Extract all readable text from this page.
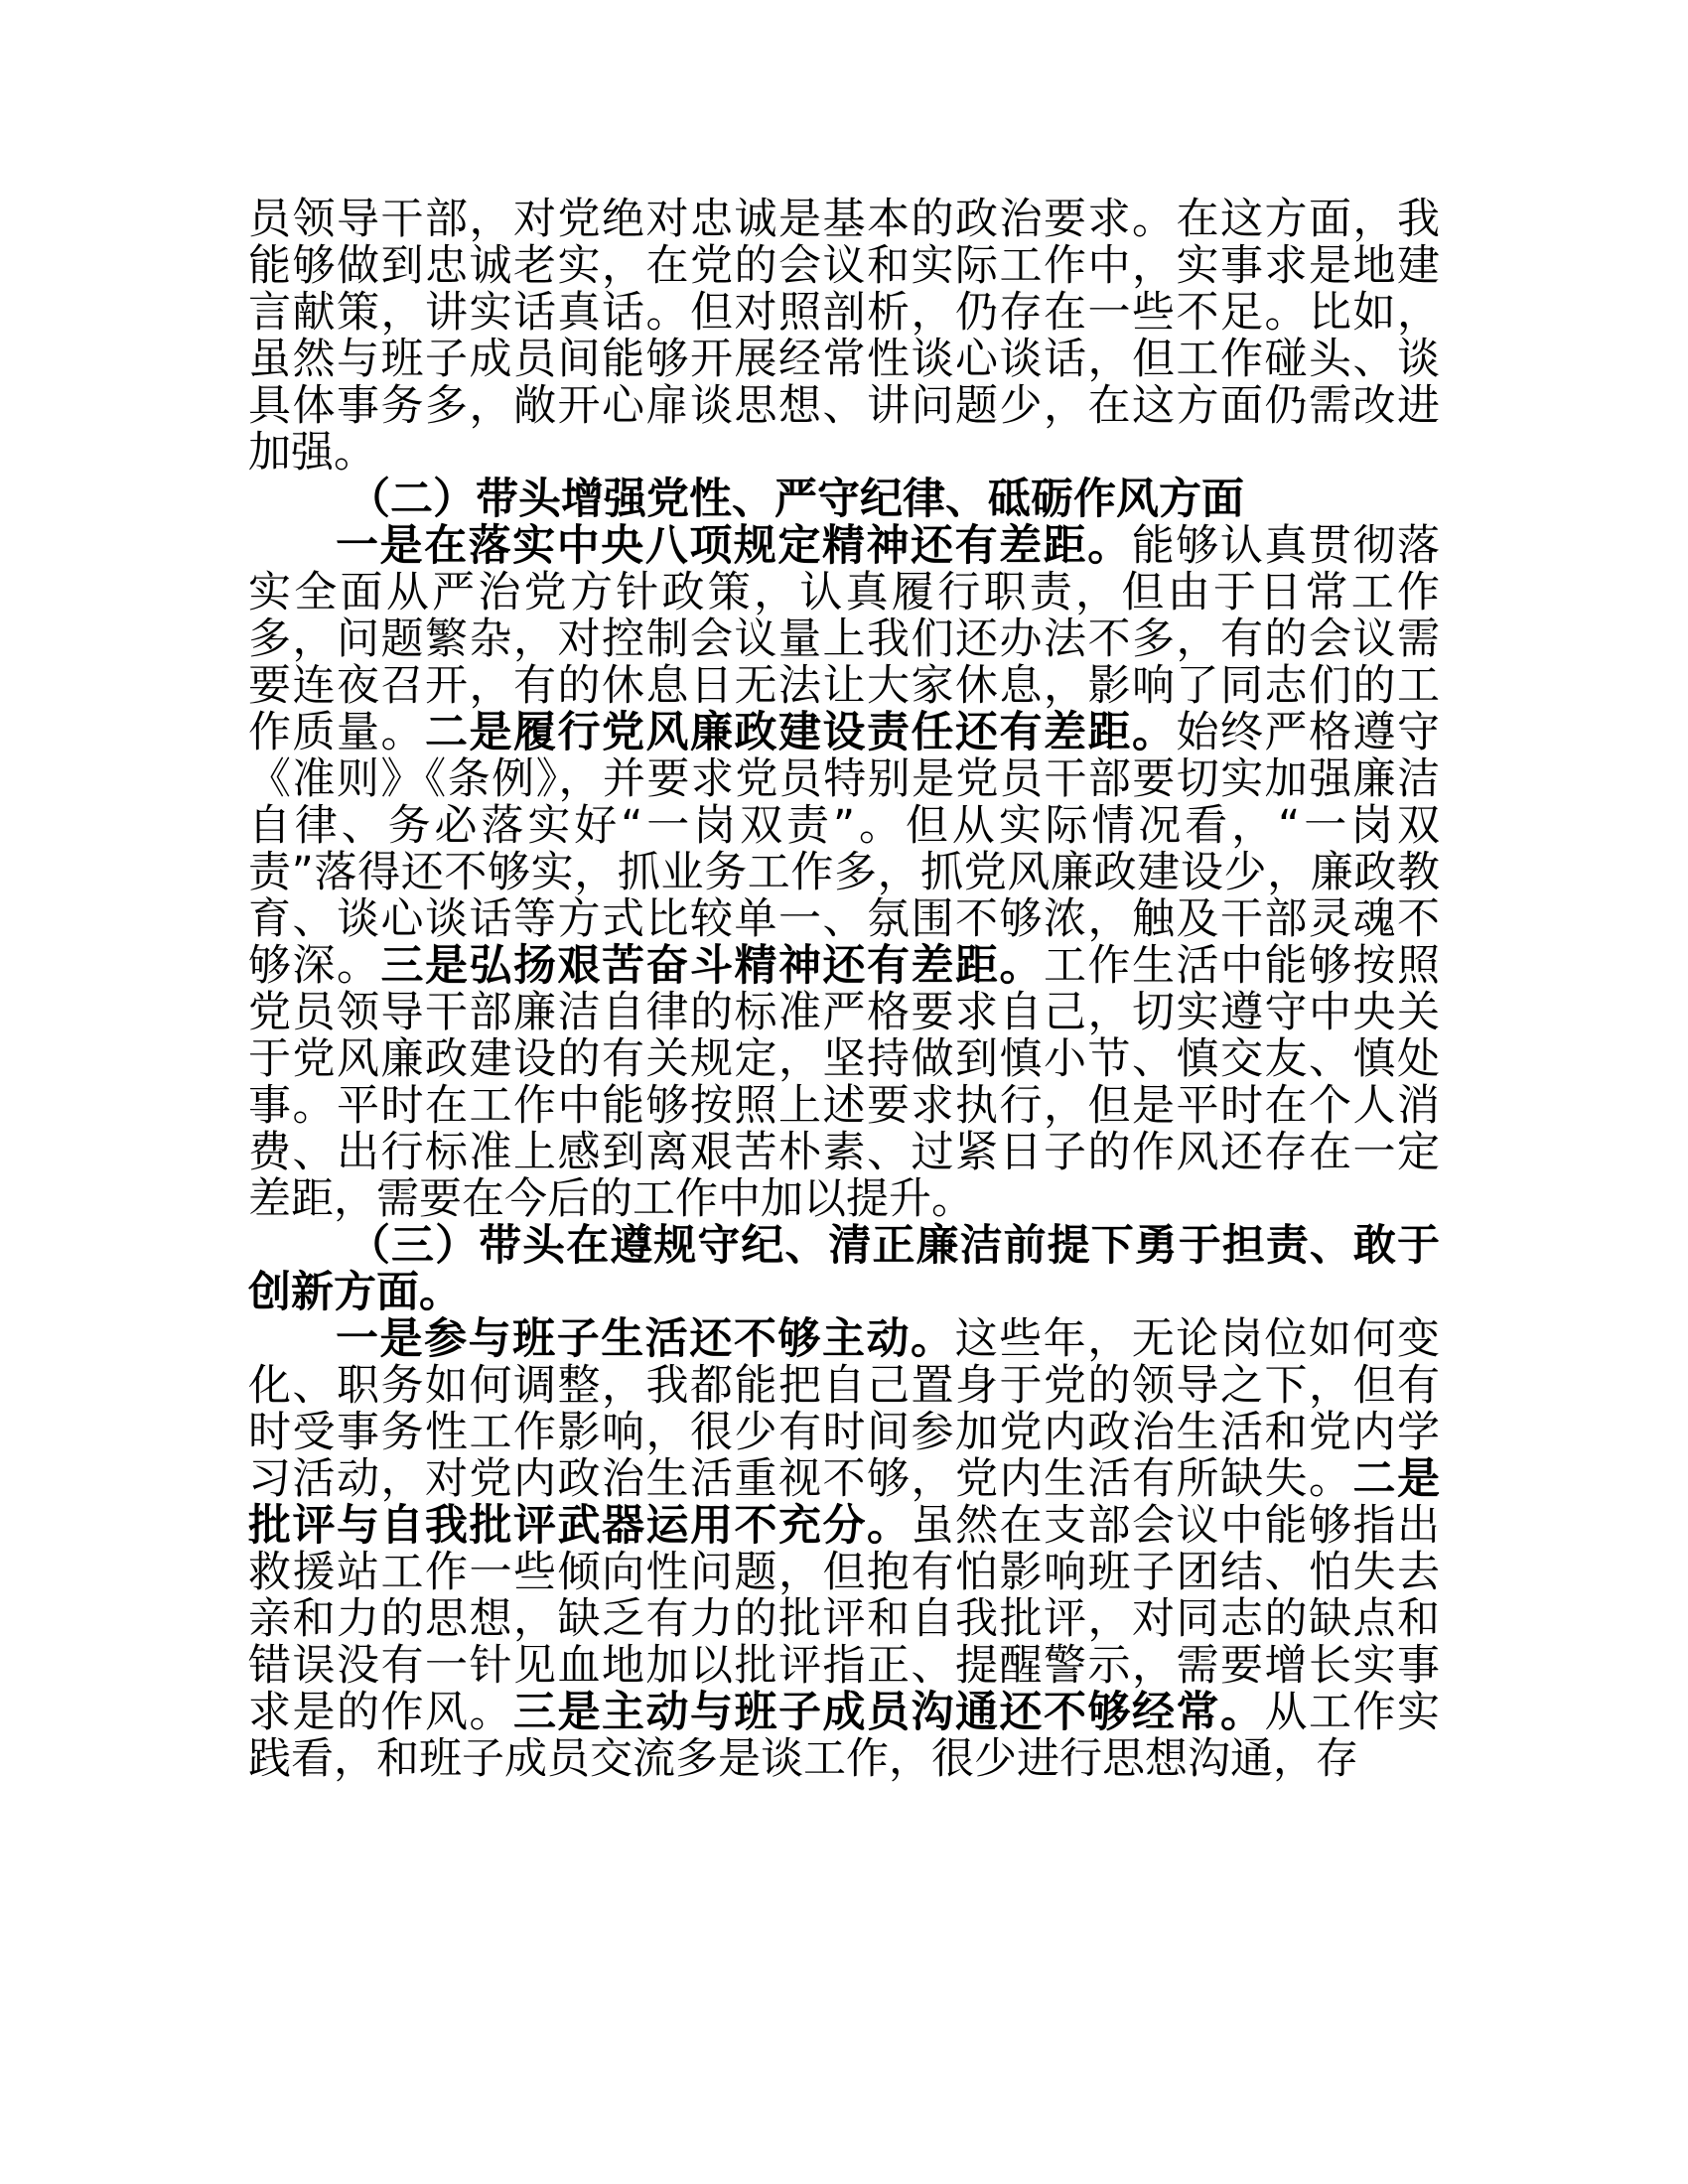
员领导干部，对党绝对忠诚是基本的政治要求。在这方面，我能够做到忠诚老实，在党的会议和实际工作中，实事求是地建言献策，讲实话真话。但对照剖析，仍存在一些不足。比如，虽然与班子成员间能够开展经常性谈心谈话，但工作碰头、谈具体事务多，敞开心扉谈思想、讲问题少，在这方面仍需改进加强。

（二）带头增强党性、严守纪律、砥砺作风方面

一是在落实中央八项规定精神还有差距。能够认真贯彻落实全面从严治党方针政策，认真履行职责，但由于日常工作多，问题繁杂，对控制会议量上我们还办法不多，有的会议需要连夜召开，有的休息日无法让大家休息，影响了同志们的工作质量。二是履行党风廉政建设责任还有差距。始终严格遵守《准则》《条例》，并要求党员特别是党员干部要切实加强廉洁自律、务必落实好“一岗双责”。但从实际情况看，“一岗双责”落得还不够实，抓业务工作多，抓党风廉政建设少，廉政教育、谈心谈话等方式比较单一、氛围不够浓，触及干部灵魂不够深。三是弘扬艰苦奋斗精神还有差距。工作生活中能够按照党员领导干部廉洁自律的标准严格要求自己，切实遵守中央关于党风廉政建设的有关规定，坚持做到慎小节、慎交友、慎处事。平时在工作中能够按照上述要求执行，但是平时在个人消费、出行标准上感到离艰苦朴素、过紧日子的作风还存在一定差距，需要在今后的工作中加以提升。

（三）带头在遵规守纪、清正廉洁前提下勇于担责、敢于创新方面。

一是参与班子生活还不够主动。这些年，无论岗位如何变化、职务如何调整，我都能把自己置身于党的领导之下，但有时受事务性工作影响，很少有时间参加党内政治生活和党内学习活动，对党内政治生活重视不够，党内生活有所缺失。二是批评与自我批评武器运用不充分。虽然在支部会议中能够指出救援站工作一些倾向性问题，但抱有怕影响班子团结、怕失去亲和力的思想，缺乏有力的批评和自我批评，对同志的缺点和错误没有一针见血地加以批评指正、提醒警示，需要增长实事求是的作风。三是主动与班子成员沟通还不够经常。从工作实践看，和班子成员交流多是谈工作，很少进行思想沟通，存
